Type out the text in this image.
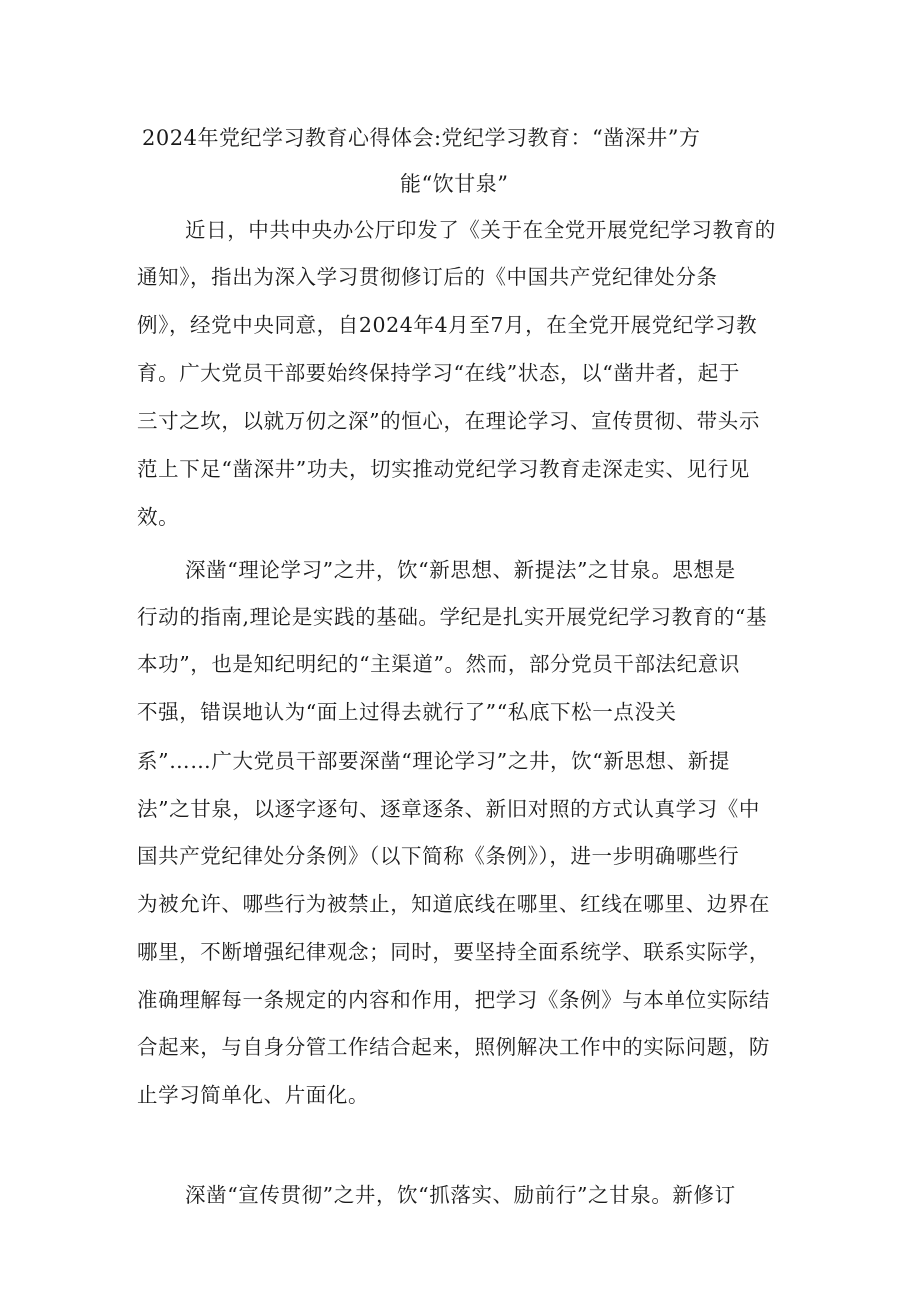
2024年党纪学习教育心得体会:党纪学习教育：“凿深井”方
能“饮甘泉”
近日，中共中央办公厅印发了《关于在全党开展党纪学习教育的
通知》，指出为深入学习贯彻修订后的《中国共产党纪律处分条
例》，经党中央同意，自2024年4月至7月，在全党开展党纪学习教
育。广大党员干部要始终保持学习“在线”状态，以“凿井者，起于
三寸之坎，以就万仞之深”的恒心，在理论学习、宣传贯彻、带头示
范上下足“凿深井”功夫，切实推动党纪学习教育走深走实、见行见
效。
深凿“理论学习”之井，饮“新思想、新提法”之甘泉。思想是
行动的指南,理论是实践的基础。学纪是扎实开展党纪学习教育的“基
本功”，也是知纪明纪的“主渠道”。然而，部分党员干部法纪意识
不强，错误地认为“面上过得去就行了”“私底下松一点没关
系”……广大党员干部要深凿“理论学习”之井，饮“新思想、新提
法”之甘泉，以逐字逐句、逐章逐条、新旧对照的方式认真学习《中
国共产党纪律处分条例》（以下简称《条例》），进一步明确哪些行
为被允许、哪些行为被禁止，知道底线在哪里、红线在哪里、边界在
哪里，不断增强纪律观念；同时，要坚持全面系统学、联系实际学，
准确理解每一条规定的内容和作用，把学习《条例》与本单位实际结
合起来，与自身分管工作结合起来，照例解决工作中的实际问题，防
止学习简单化、片面化。
深凿“宣传贯彻”之井，饮“抓落实、励前行”之甘泉。新修订
